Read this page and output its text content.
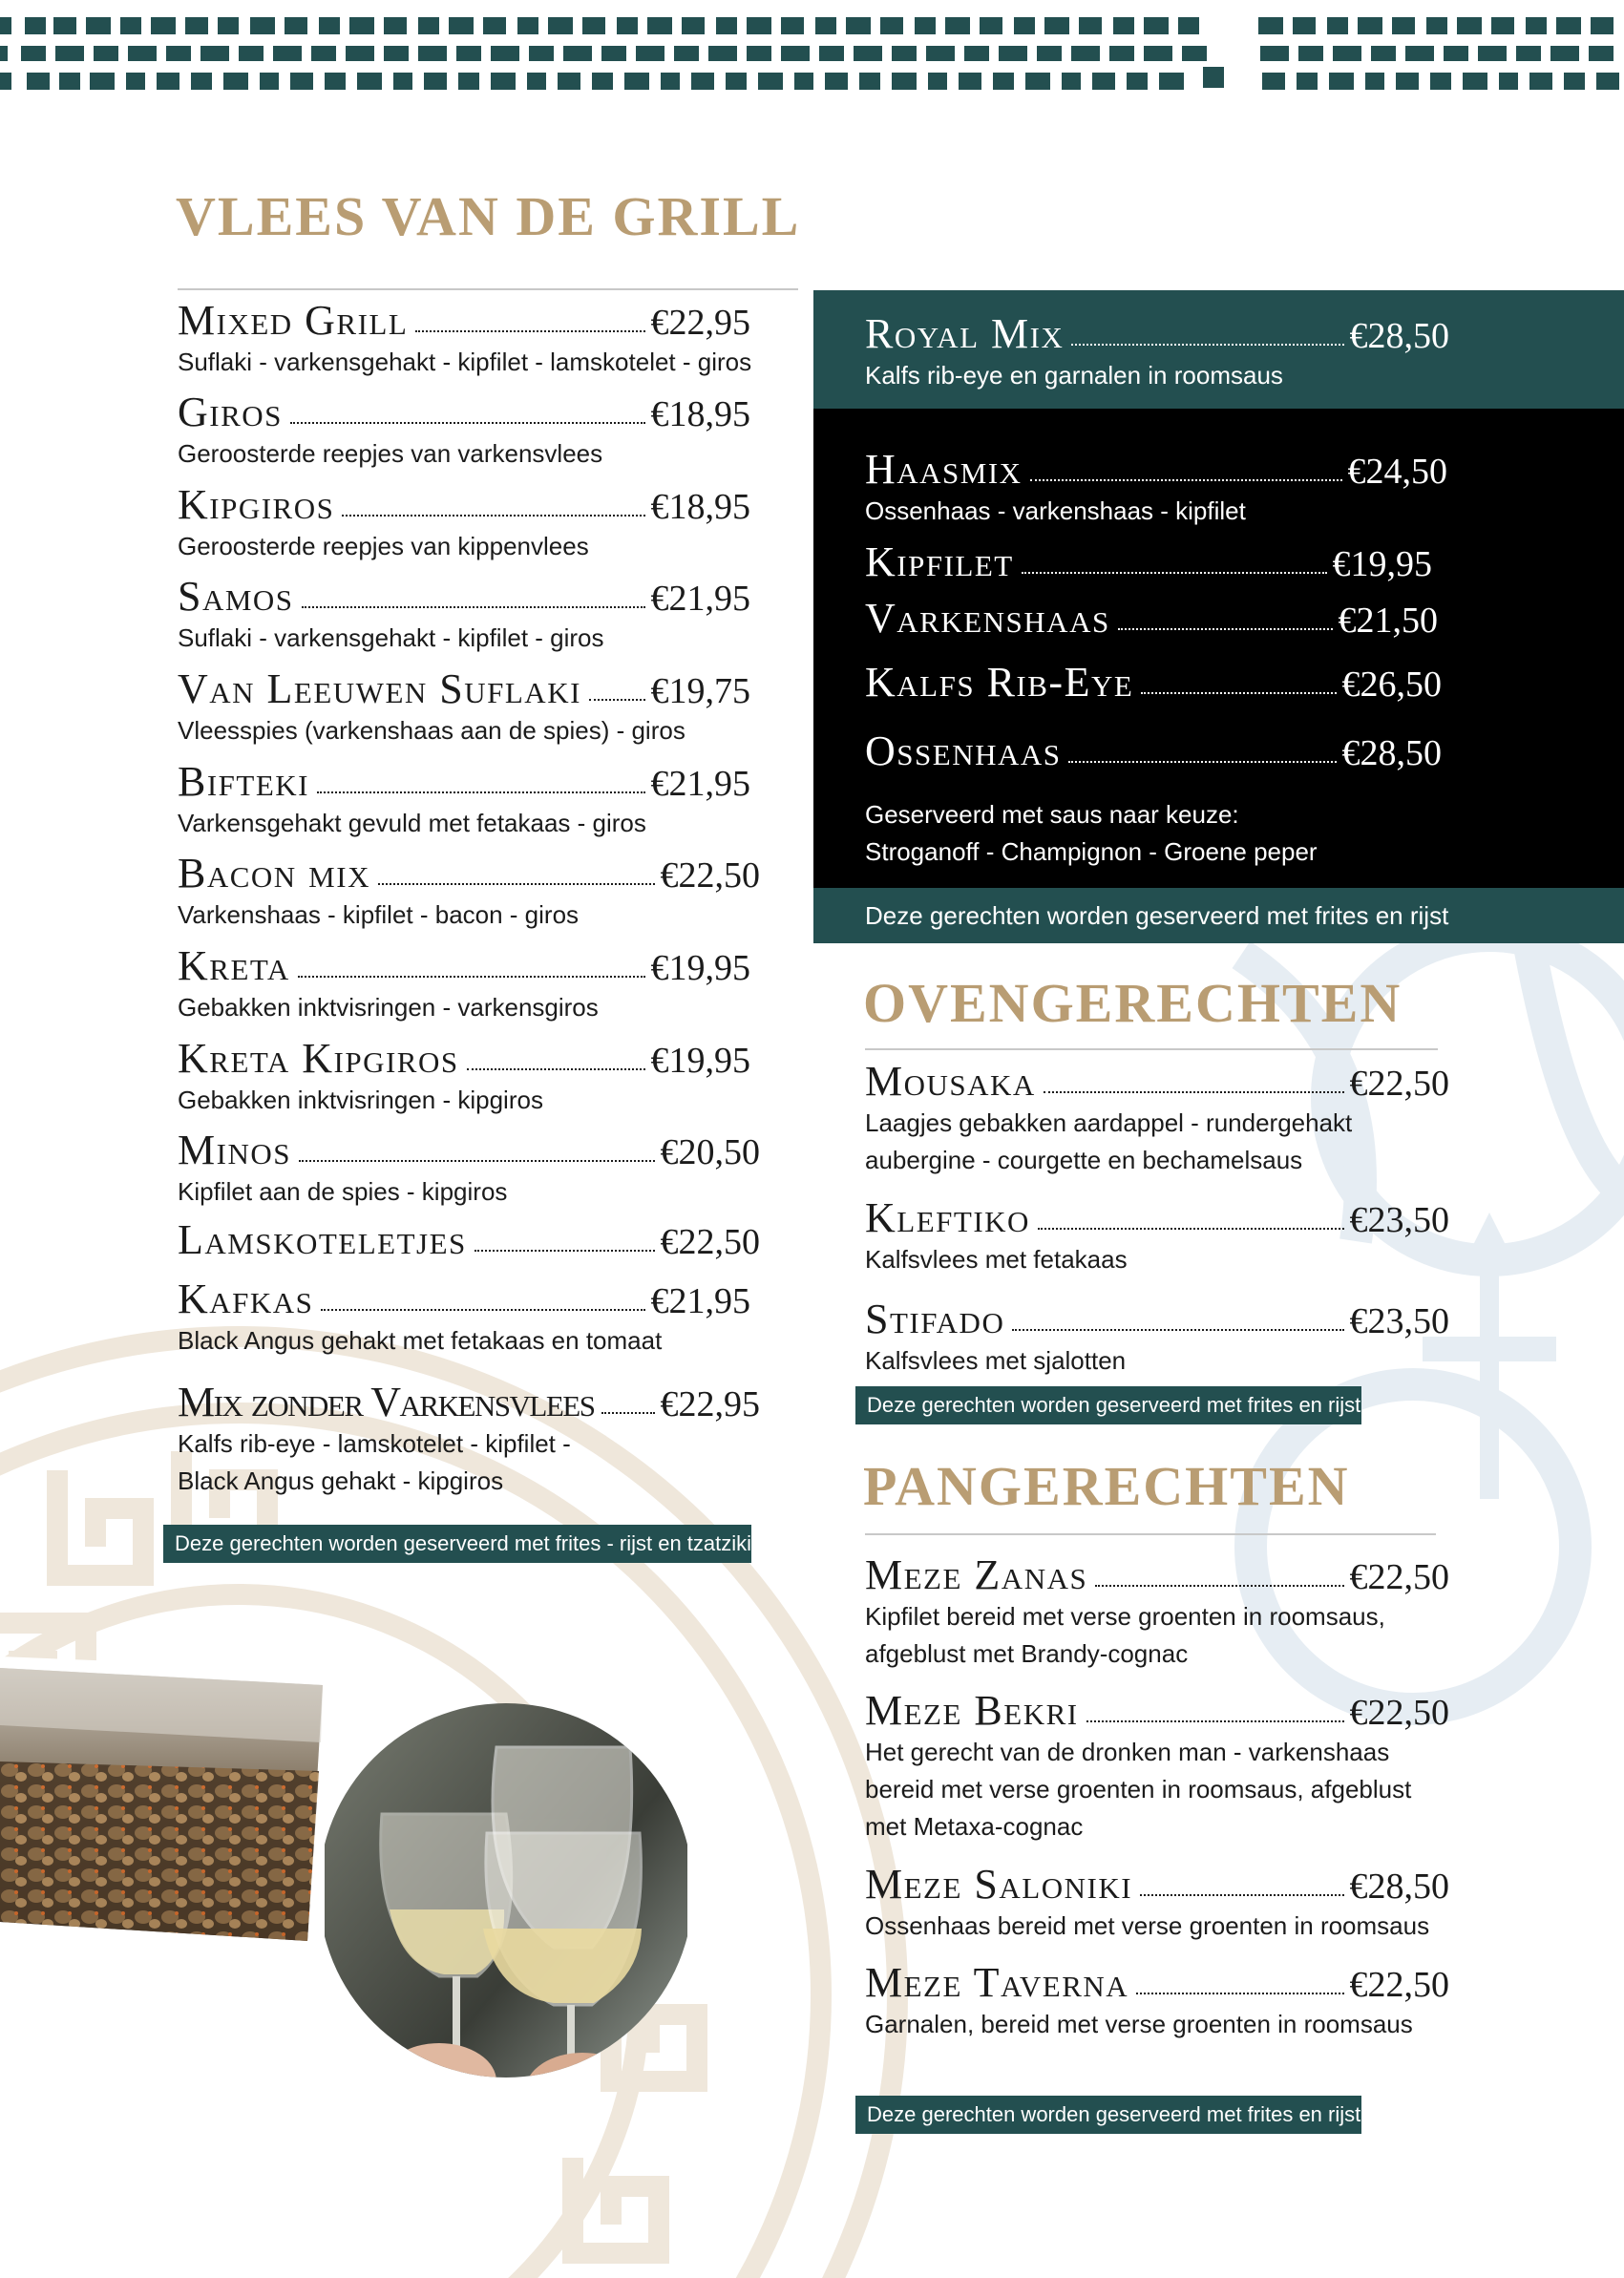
VLEES VAN DE GRILL
Mixed Grill	€22,95
Suflaki - varkensgehakt - kipfilet - lamskotelet - giros
Giros	€18,95
Geroosterde reepjes van varkensvlees
Kipgiros	€18,95
Geroosterde reepjes van kippenvlees
Samos	€21,95
Suflaki - varkensgehakt - kipfilet - giros
Van Leeuwen Suflaki €19,75
Vleesspies (varkenshaas aan de spies) - giros
Bifteki	€21,95
Varkensgehakt gevuld met fetakaas - giros
Bacon mix	€22,50
Varkenshaas - kipfilet - bacon - giros
Kreta	€19,95
Gebakken inktvisringen - varkensgiros
Kreta Kipgiros	€19,95
Gebakken inktvisringen - kipgiros
Minos	€20,50
Kipfilet aan de spies - kipgiros
Lamskoteletjes	€22,50
Kafkas	€21,95
Black Angus gehakt met fetakaas en tomaat
Mix zonder Varkensvlees €22,95
Kalfs rib-eye - lamskotelet - kipfilet -
Black Angus gehakt - kipgiros
Deze gerechten worden geserveerd met frites - rijst en tzatziki
Royal Mix	€28,50
Kalfs rib-eye en garnalen in roomsaus
Haasmix	€24,50
Ossenhaas - varkenshaas - kipfilet
Kipfilet	€19,95
Varkenshaas	€21,50
Kalfs Rib-Eye	€26,50
Ossenhaas	€28,50
Geserveerd met saus naar keuze:
Stroganoff - Champignon - Groene peper
Deze gerechten worden geserveerd met frites en rijst
OVENGERECHTEN
Mousaka	€22,50
Laagjes gebakken aardappel - rundergehakt
aubergine - courgette en bechamelsaus
Kleftiko	€23,50
Kalfsvlees met fetakaas
Stifado	€23,50
Kalfsvlees met sjalotten
Deze gerechten worden geserveerd met frites en rijst
PANGERECHTEN
Meze Zanas	€22,50
Kipfilet bereid met verse groenten in roomsaus,
afgeblust met Brandy-cognac
Meze Bekri	€22,50
Het gerecht van de dronken man - varkenshaas
bereid met verse groenten in roomsaus, afgeblust
met Metaxa-cognac
Meze Saloniki	€28,50
Ossenhaas bereid met verse groenten in roomsaus
Meze Taverna	€22,50
Garnalen, bereid met verse groenten in roomsaus
Deze gerechten worden geserveerd met frites en rijst
